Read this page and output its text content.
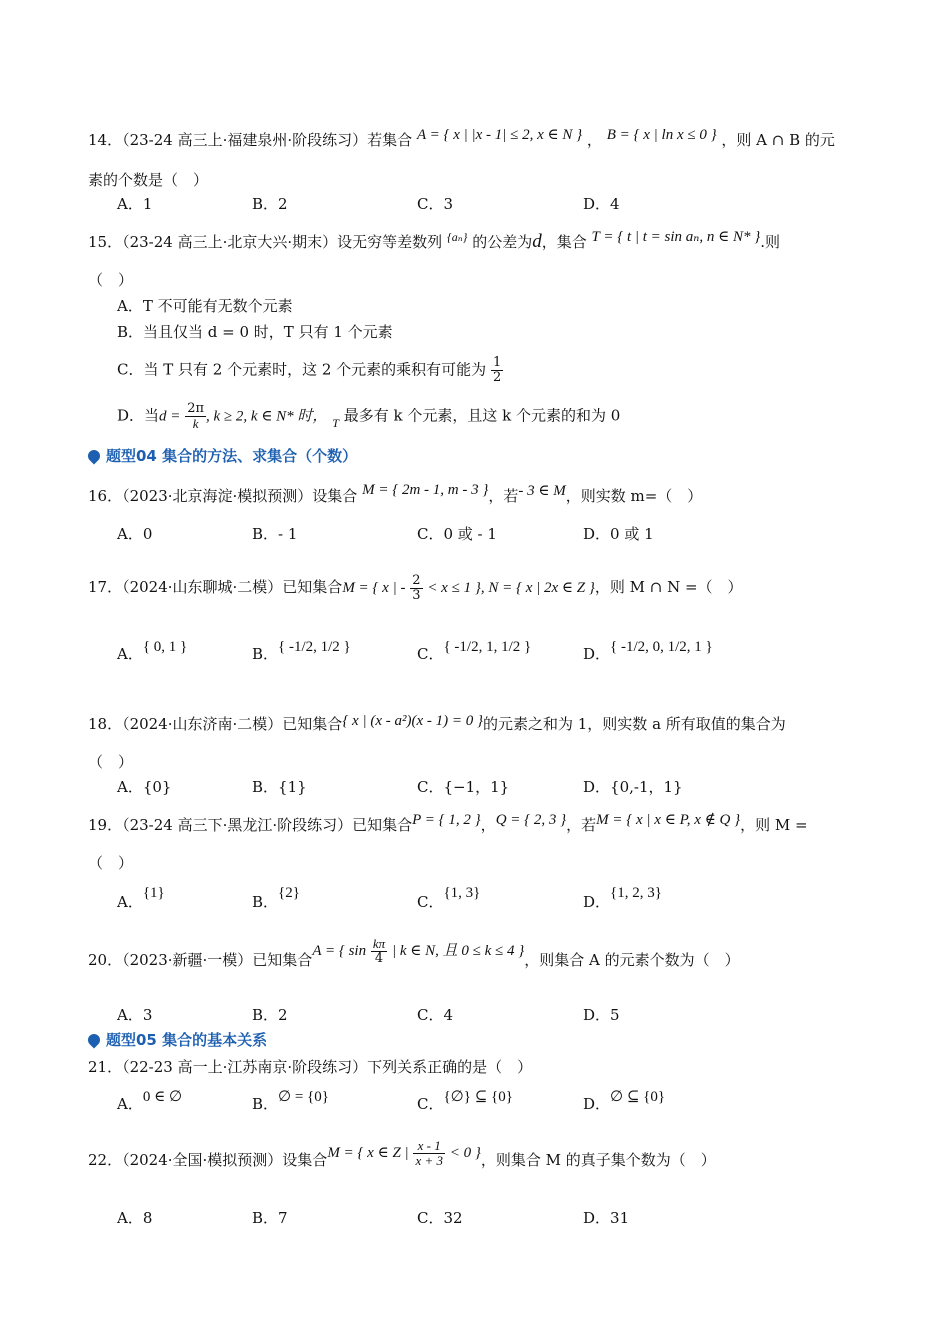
14．（23-24 高三上·福建泉州·阶段练习）若集合 A = { x | |x - 1| ≤ 2, x ∈ N } ， B = { x | ln x ≤ 0 } ，则 A ∩ B 的元
素的个数是（　）
A．1	B．2	C．3	D．4
15．（23-24 高三上·北京大兴·期末）设无穷等差数列 $^{\{a_n\}}$ 的公差为d，集合 T = { t | t = sin aₙ, n ∈ N* }.则
（　）
A．T 不可能有无数个元素
B．当且仅当 d = 0 时，T 只有 1 个元素
C．当 T 只有 2 个元素时，这 2 个元素的乘积有可能为 $\frac{1}{2}$
D．当$d = \frac{2\pi}{k}$ , k ≥ 2, k ∈ N* 时， $_T$ 最多有 k 个元素，且这 k 个元素的和为 0
题型04 集合的方法、求集合（个数）
16．（2023·北京海淀·模拟预测）设集合 M = { 2m - 1, m - 3 }，若- 3 ∈ M，则实数 m=（　）
A．0	B．- 1	C．0 或 - 1	D．0 或 1
17．（2024·山东聊城·二模）已知集合M = { x | - $\frac{2}{3} < x \le 1$ }, N = { x | 2x ∈ Z }，则 M ∩ N =（　）
A．{ 0, 1 }	B．{ -1/2, 1/2 }	C．{ -1/2, 1, 1/2 }	D．{ -1/2, 0, 1/2, 1 }
18．（2024·山东济南·二模）已知集合{ x | (x - a²)(x - 1) = 0 }的元素之和为 1，则实数 a 所有取值的集合为
（　）
A．{0}	B．{1}	C．{−1，1}	D．{0,-1，1}
19．（23-24 高三下·黑龙江·阶段练习）已知集合P = { 1, 2 }，Q = { 2, 3 }，若M = { x | x ∈ P, x ∉ Q }，则 M =
（　）
A．{1}	B．{2}	C．{1, 3}	D．{1, 2, 3}
20．（2023·新疆·一模）已知集合A = { $\sin \frac{k\pi}{4}$ | k ∈ N, 且 0 ≤ k ≤ 4 }，则集合 A 的元素个数为（　）
A．3	B．2	C．4	D．5
题型05 集合的基本关系
21．（22-23 高一上·江苏南京·阶段练习）下列关系正确的是（　）
A．0 ∈ ∅	B．∅ = {0}	C．{∅} ⊆ {0}	D．∅ ⊆ {0}
22．（2024·全国·模拟预测）设集合M = { x ∈ Z | $\frac{x - 1}{x + 3} < 0$ }，则集合 M 的真子集个数为（　）
A．8	B．7	C．32	D．31
